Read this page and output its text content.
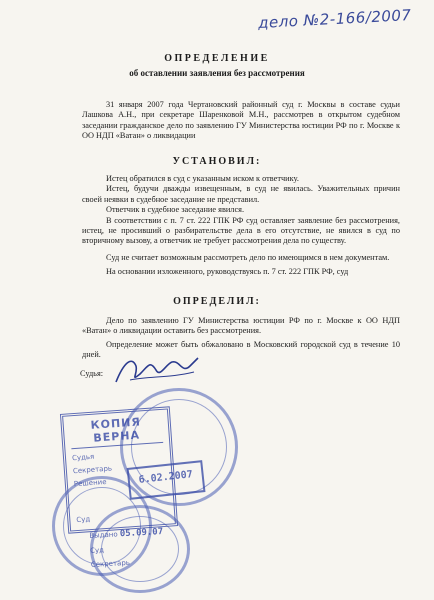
дело №2-166/2007
ОПРЕДЕЛЕНИЕ
об оставлении заявления без рассмотрения

31 января 2007 года Чертановский районный суд г. Москвы в составе судьи Лашкова А.Н., при секретаре Шаренковой М.Н., рассмотрев в открытом судебном заседании гражданское дело по заявлению ГУ Министерства юстиции РФ по г. Москве к ОО НДП «Ватан» о ликвидации

УСТАНОВИЛ:

Истец обратился в суд с указанным иском к ответчику.

Истец, будучи дважды извещенным, в суд не явилась. Уважительных причин своей неявки в судебное заседание не представил.

Ответчик в судебное заседание явился.

В соответствии с п. 7 ст. 222 ГПК РФ суд оставляет заявление без рассмотрения, истец, не просивший о разбирательстве дела в его отсутствие, не явился в суд по вторичному вызову, а ответчик не требует рассмотрения дела по существу.

Суд не считает возможным рассмотреть дело по имеющимся в нем документам.

На основании изложенного, руководствуясь п. 7 ст. 222 ГПК РФ, суд

ОПРЕДЕЛИЛ:

Дело по заявлению ГУ Министерства юстиции РФ по г. Москве к ОО НДП «Ватан» о ликвидации оставить без рассмотрения.

Определение может быть обжаловано в Московский городской суд в течение 10 дней.

Судья:
КОПИЯ ВЕРНА
Судья
Секретарь
Решение
Суд
6.02.2007
Выдано 05.09.07
Суд
Секретарь
